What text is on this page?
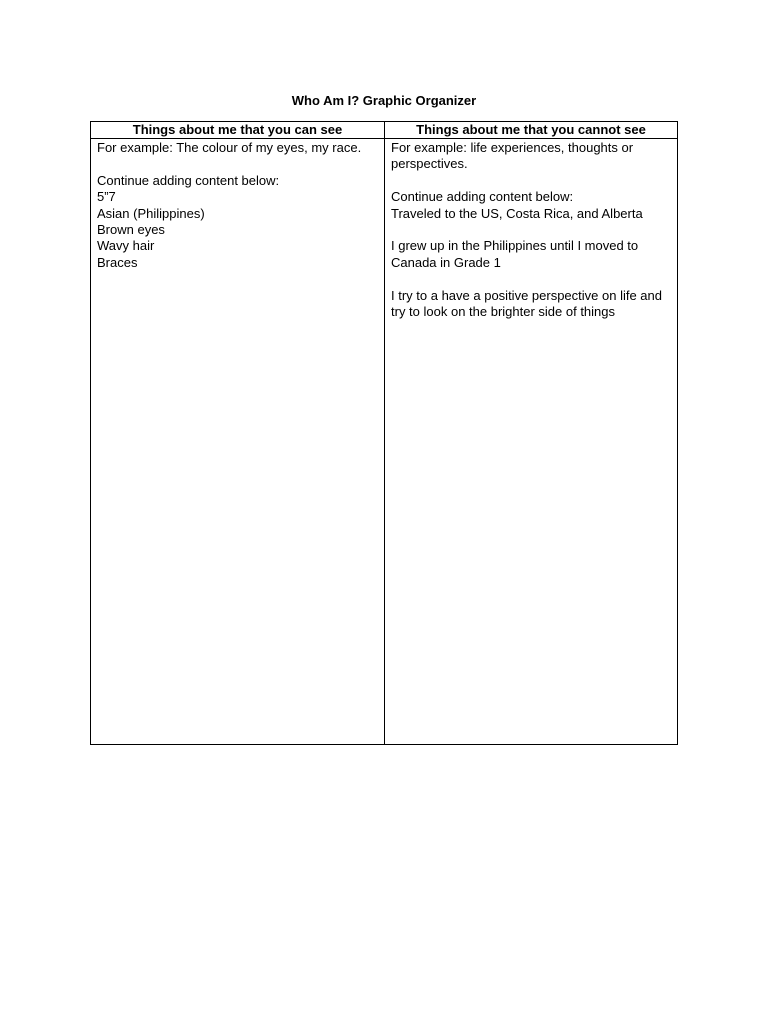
Who Am I? Graphic Organizer
Things about me that you can see
For example: The colour of my eyes, my race.
Continue adding content below:
5”7
Asian (Philippines)
Brown eyes
Wavy hair
Braces
Things about me that you cannot see
For example: life experiences, thoughts or perspectives.
Continue adding content below:
Traveled to the US, Costa Rica, and Alberta
I grew up in the Philippines until I moved to Canada in Grade 1
I try to a have a positive perspective on life and try to look on the brighter side of things
